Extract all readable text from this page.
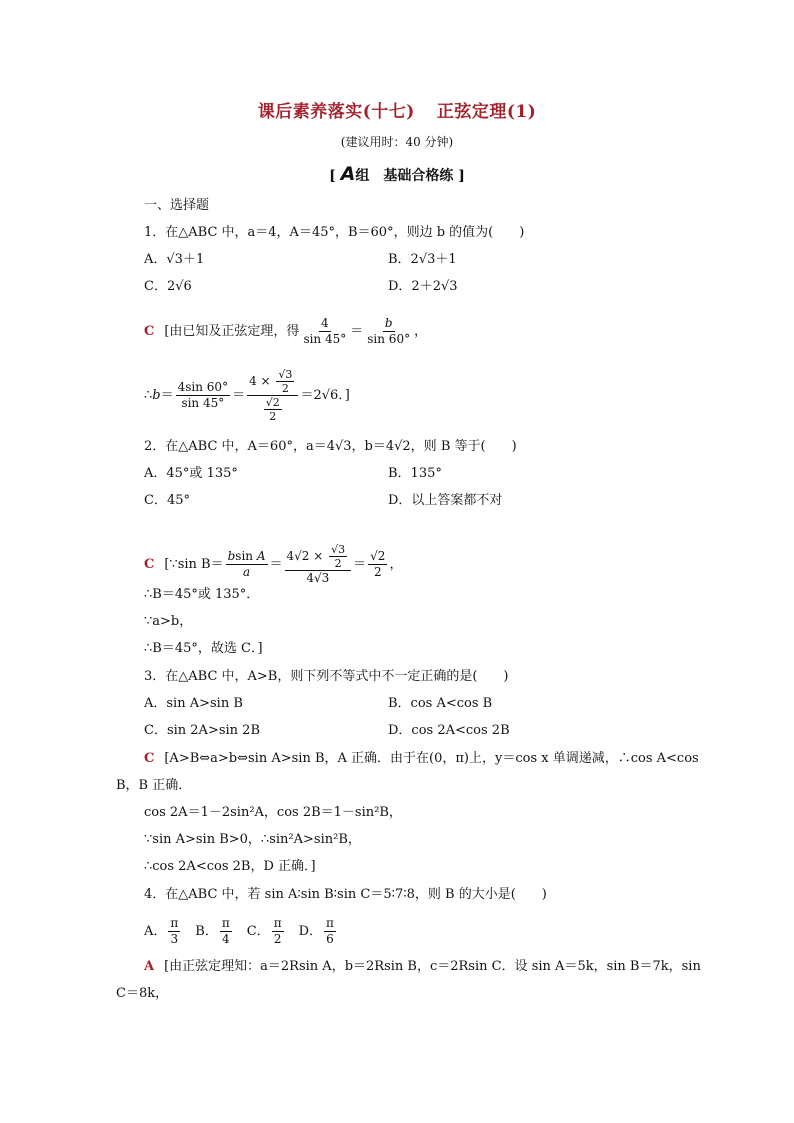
课后素养落实(十七) 正弦定理(1)
(建议用时：40 分钟)
[ A组　基础合格练 ]
一、选择题
1．在△ABC 中，a＝4，A＝45°，B＝60°，则边 b 的值为(　　)
A．√3＋1	B．2√3＋1
C．2√6	D．2＋2√3
C [由已知及正弦定理，得 $\frac{4}{\sin 45^\circ} = \frac{b}{\sin 60^\circ}$ ，
∴b＝ $\frac{4\sin 60^\circ}{\sin 45^\circ} = \frac{4 \times \frac{√3}{2}}{\frac{√2}{2}} =2√6$．]
2．在△ABC 中，A＝60°，a＝4√3，b＝4√2，则 B 等于(　　)
A．45°或 135°	B．135°
C．45°	D．以上答案都不对
C [∵sin $B= \frac{\text{bsin A}}{a} = \frac{4√2 \times \frac{√3}{2}}{4√3} = \frac{√2}{2}$ ，
∴B＝45°或 135°．
∵a>b，
∴B＝45°，故选 C．]
3．在△ABC 中，A>B，则下列不等式中不一定正确的是(　　)
A．sin A>sin B	B．cos A<cos B
C．sin 2A>sin 2B	D．cos 2A<cos 2B
C [A>B⇔a>b⇔sin A>sin B，A 正确．由于在(0，π)上，y＝cos x 单调递减，∴cos A<cos
B，B 正确．
cos 2A＝1－2sin²A，cos 2B＝1－sin²B，
∵sin A>sin B>0，∴sin²A>sin²B，
∴cos 2A<cos 2B，D 正确．]
4．在△ABC 中，若 sin A∶sin B∶sin C＝5∶7∶8，则 B 的大小是(　　)
A． $\frac{\pi}{3}$ 　B． $\frac{\pi}{4}$ 　C． $\frac{\pi}{2}$ 　D． $\frac{\pi}{6}$
A [由正弦定理知：a＝2Rsin A，b＝2Rsin B，c＝2Rsin C．设 sin A＝5k，sin B＝7k，sin
C＝8k，
